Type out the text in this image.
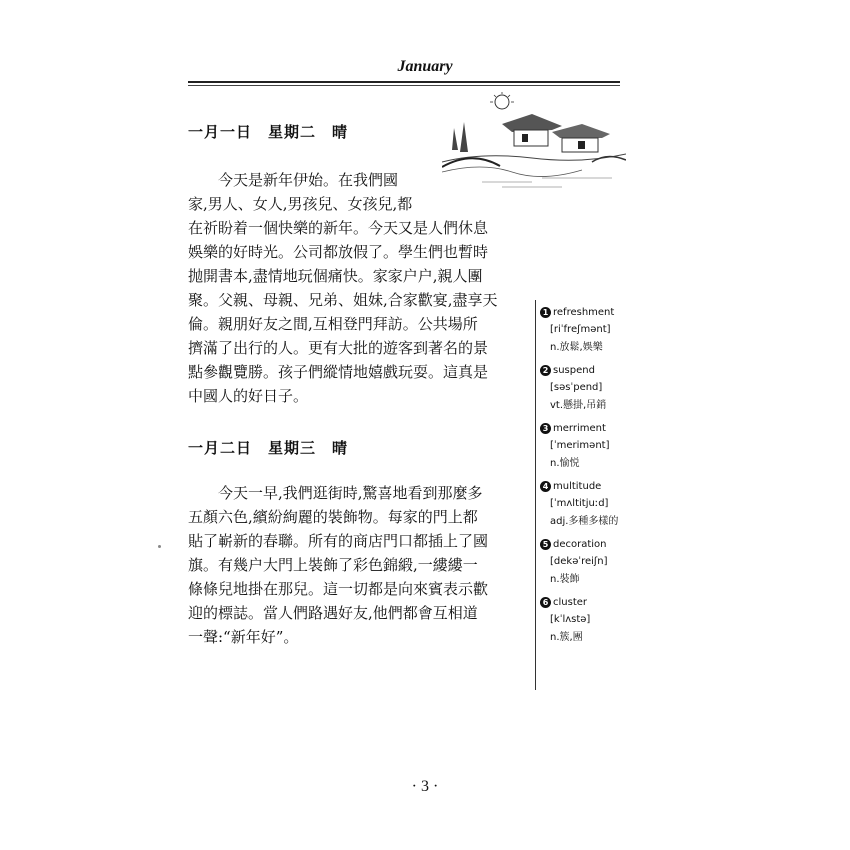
January
一月一日　星期二　晴
今天是新年伊始。在我們國
家,男人、女人,男孩兒、女孩兒,都
在祈盼着一個快樂的新年。今天又是人們休息
娛樂的好時光。公司都放假了。學生們也暫時
抛開書本,盡情地玩個痛快。家家户户,親人團
聚。父親、母親、兄弟、姐妹,合家歡宴,盡享天
倫。親朋好友之間,互相登門拜訪。公共場所
擠滿了出行的人。更有大批的遊客到著名的景
點參觀覽勝。孩子們縱情地嬉戲玩耍。這真是
中國人的好日子。
一月二日　星期三　晴
今天一早,我們逛街時,驚喜地看到那麼多
五顏六色,繽紛絢麗的裝飾物。每家的門上都
貼了嶄新的春聯。所有的商店門口都插上了國
旗。有幾户大門上裝飾了彩色錦緞,一縷縷一
條條兒地掛在那兒。這一切都是向來賓表示歡
迎的標誌。當人們路遇好友,他們都會互相道
一聲:“新年好”。
1 refreshment
[riˈfreʃmənt]
n.放鬆,娛樂
2 suspend
[səsˈpend]
vt.懸掛,吊銷
3 merriment
[ˈmerimənt]
n.愉悦
4 multitude
[ˈmʌltitjuːd]
adj.多種多樣的
5 decoration
[dekəˈreiʃn]
n.裝飾
6 cluster
[kˈlʌstə]
n.簇,團
· 3 ·
